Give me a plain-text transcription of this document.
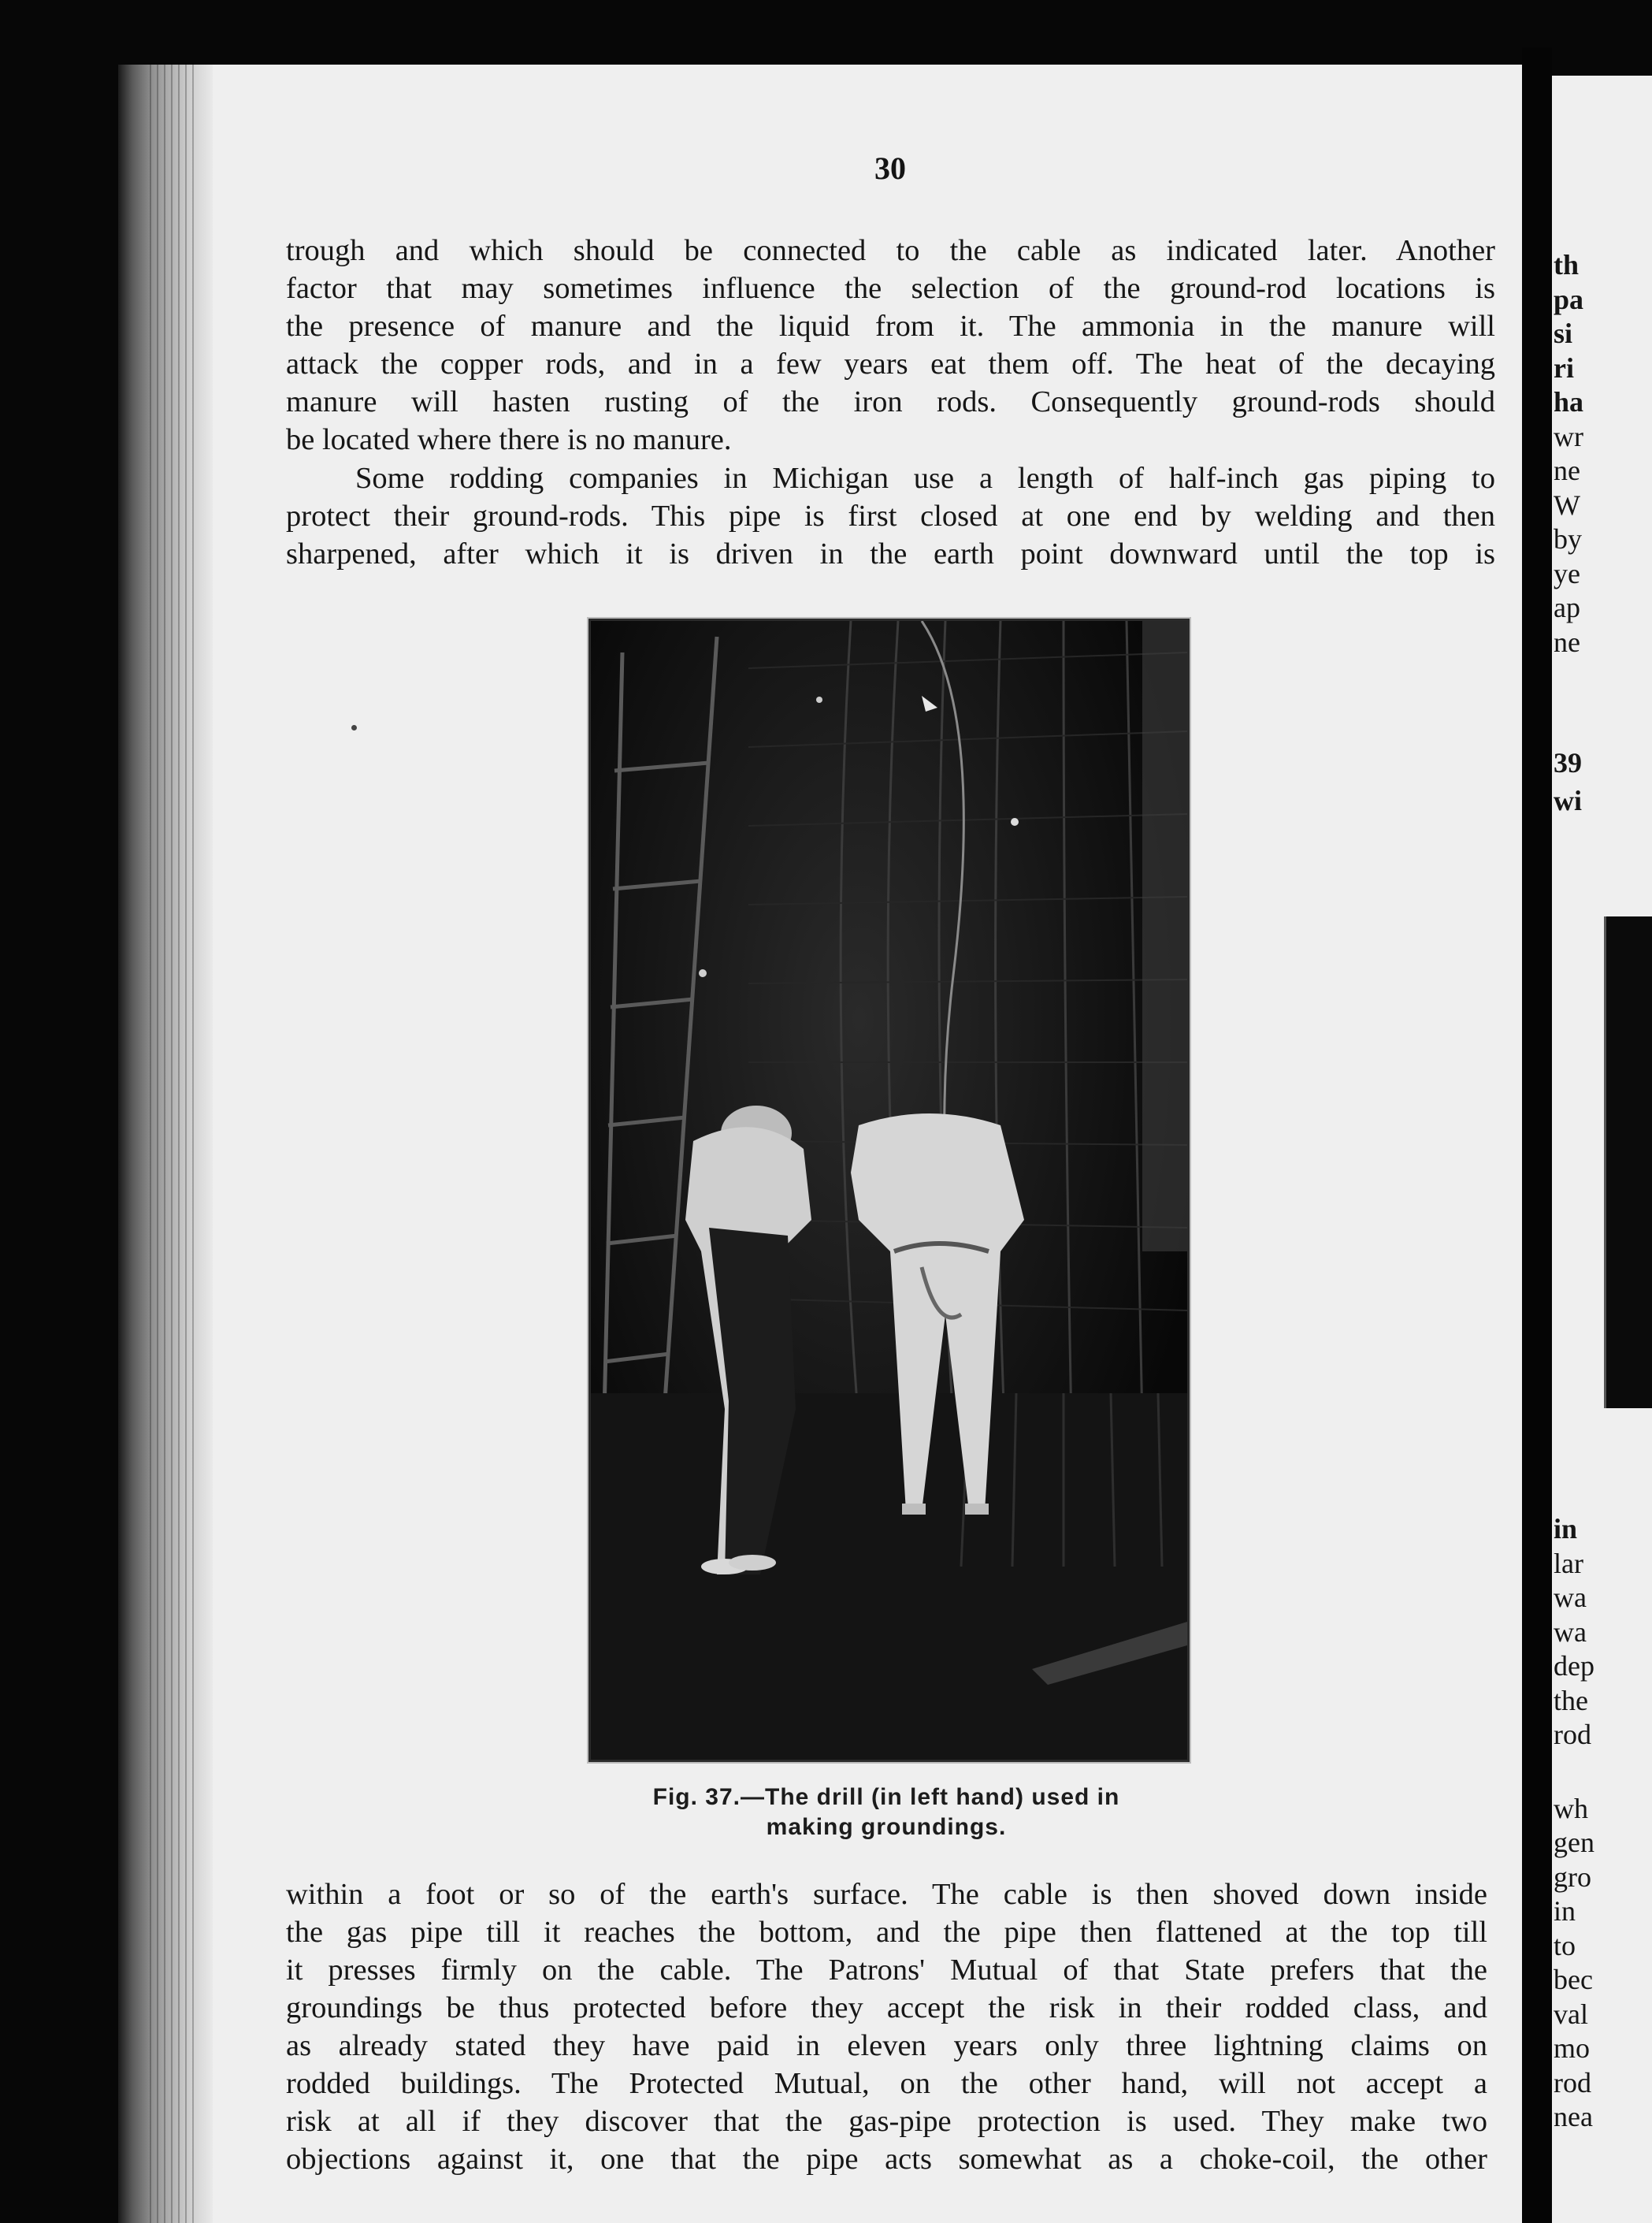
th
pa
si
ri
ha
wr
ne
W
by
ye
ap
ne
39
wi
in
lar
wa
wa
dep
the
rod
wh
gen
gro
in
to
bec
val
mo
rod
nea
30
trough and which should be connected to the cable as indicated later. Another
factor that may sometimes influence the selection of the ground-rod locations is
the presence of manure and the liquid from it. The ammonia in the manure will
attack the copper rods, and in a few years eat them off. The heat of the decaying
manure will hasten rusting of the iron rods. Consequently ground-rods should
be located where there is no manure.
Some rodding companies in Michigan use a length of half-inch gas piping to
protect their ground-rods. This pipe is first closed at one end by welding and then
sharpened, after which it is driven in the earth point downward until the top is
Fig. 37.—The drill (in left hand) used in
making groundings.
within a foot or so of the earth's surface. The cable is then shoved down inside
the gas pipe till it reaches the bottom, and the pipe then flattened at the top till
it presses firmly on the cable. The Patrons' Mutual of that State prefers that the
groundings be thus protected before they accept the risk in their rodded class, and
as already stated they have paid in eleven years only three lightning claims on
rodded buildings. The Protected Mutual, on the other hand, will not accept a
risk at all if they discover that the gas-pipe protection is used. They make two
objections against it, one that the pipe acts somewhat as a choke-coil, the other
